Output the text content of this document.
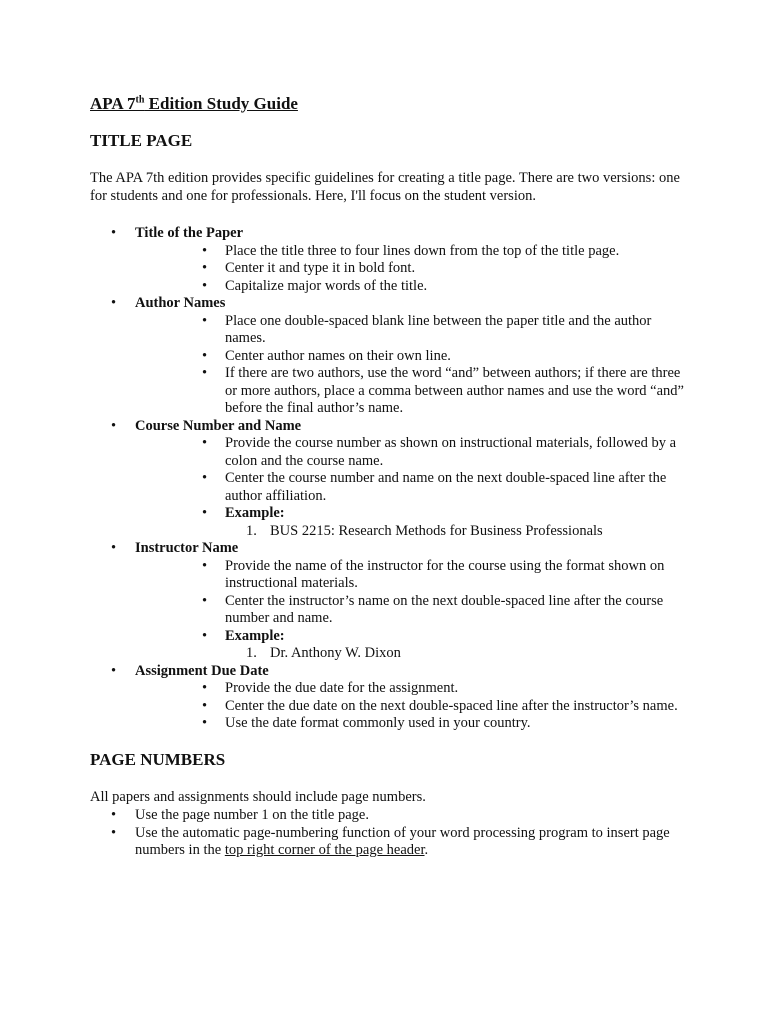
APA 7th Edition Study Guide
TITLE PAGE

The APA 7th edition provides specific guidelines for creating a title page. There are two versions: one for students and one for professionals. Here, I'll focus on the student version.

• Title of the Paper
• Place the title three to four lines down from the top of the title page.
• Center it and type it in bold font.
• Capitalize major words of the title.
• Author Names
• Place one double-spaced blank line between the paper title and the author names.
• Center author names on their own line.
• If there are two authors, use the word “and” between authors; if there are three or more authors, place a comma between author names and use the word “and” before the final author’s name.
• Course Number and Name
• Provide the course number as shown on instructional materials, followed by a colon and the course name.
• Center the course number and name on the next double-spaced line after the author affiliation.
• Example:
1. BUS 2215: Research Methods for Business Professionals
• Instructor Name
• Provide the name of the instructor for the course using the format shown on instructional materials.
• Center the instructor’s name on the next double-spaced line after the course number and name.
• Example:
1. Dr. Anthony W. Dixon
• Assignment Due Date
• Provide the due date for the assignment.
• Center the due date on the next double-spaced line after the instructor’s name.
• Use the date format commonly used in your country.
PAGE NUMBERS

All papers and assignments should include page numbers.

• Use the page number 1 on the title page.
• Use the automatic page-numbering function of your word processing program to insert page numbers in the top right corner of the page header.
